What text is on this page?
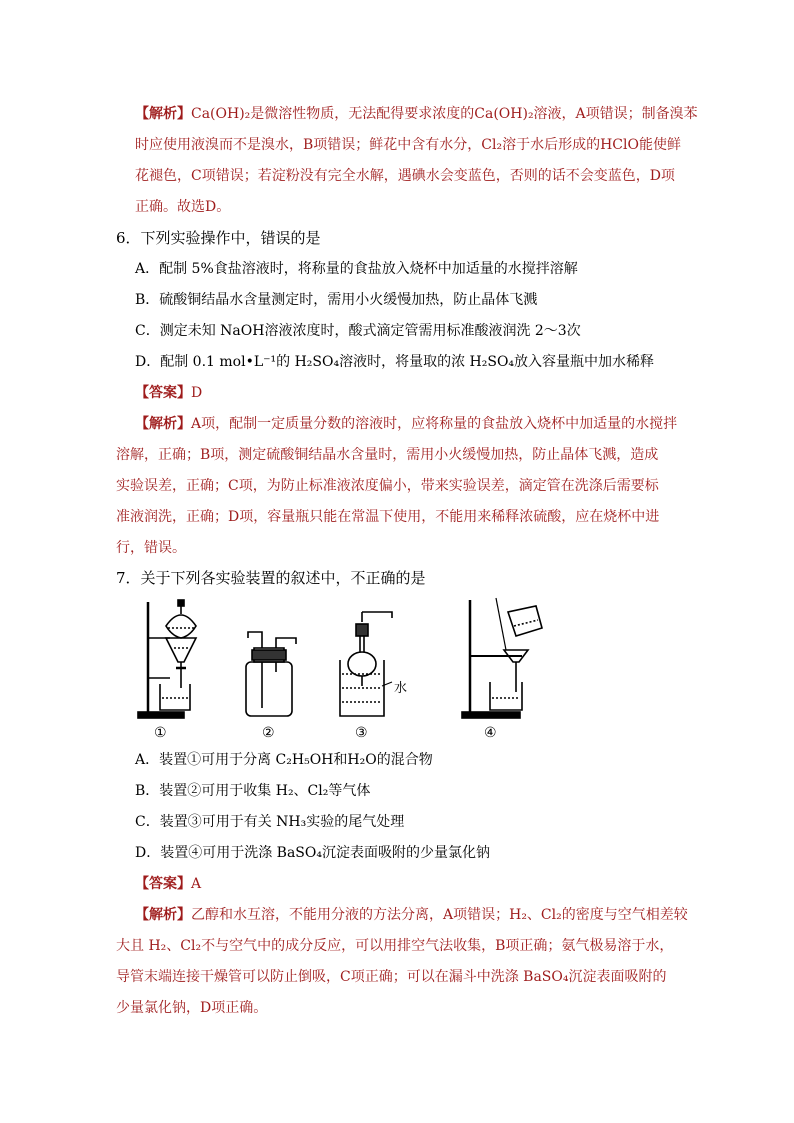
【解析】Ca(OH)₂是微溶性物质，无法配得要求浓度的Ca(OH)₂溶液，A项错误；制备溴苯
时应使用液溴而不是溴水，B项错误；鲜花中含有水分，Cl₂溶于水后形成的HClO能使鲜
花褪色，C项错误；若淀粉没有完全水解，遇碘水会变蓝色，否则的话不会变蓝色，D项
正确。故选D。
6．下列实验操作中，错误的是
A．配制 5%食盐溶液时，将称量的食盐放入烧杯中加适量的水搅拌溶解
B．硫酸铜结晶水含量测定时，需用小火缓慢加热，防止晶体飞溅
C．测定未知 NaOH溶液浓度时，酸式滴定管需用标准酸液润洗 2～3次
D．配制 0.1 mol•L⁻¹的 H₂SO₄溶液时，将量取的浓 H₂SO₄放入容量瓶中加水稀释
【答案】D
【解析】A项，配制一定质量分数的溶液时，应将称量的食盐放入烧杯中加适量的水搅拌
溶解，正确；B项，测定硫酸铜结晶水含量时，需用小火缓慢加热，防止晶体飞溅，造成
实验误差，正确；C项，为防止标准液浓度偏小，带来实验误差，滴定管在洗涤后需要标
准液润洗，正确；D项，容量瓶只能在常温下使用，不能用来稀释浓硫酸，应在烧杯中进
行，错误。
7．关于下列各实验装置的叙述中，不正确的是
水
①	②	③	④
A．装置①可用于分离 C₂H₅OH和H₂O的混合物
B．装置②可用于收集 H₂、Cl₂等气体
C．装置③可用于有关 NH₃实验的尾气处理
D．装置④可用于洗涤 BaSO₄沉淀表面吸附的少量氯化钠
【答案】A
【解析】乙醇和水互溶，不能用分液的方法分离，A项错误；H₂、Cl₂的密度与空气相差较
大且 H₂、Cl₂不与空气中的成分反应，可以用排空气法收集，B项正确；氨气极易溶于水，
导管末端连接干燥管可以防止倒吸，C项正确；可以在漏斗中洗涤 BaSO₄沉淀表面吸附的
少量氯化钠，D项正确。
